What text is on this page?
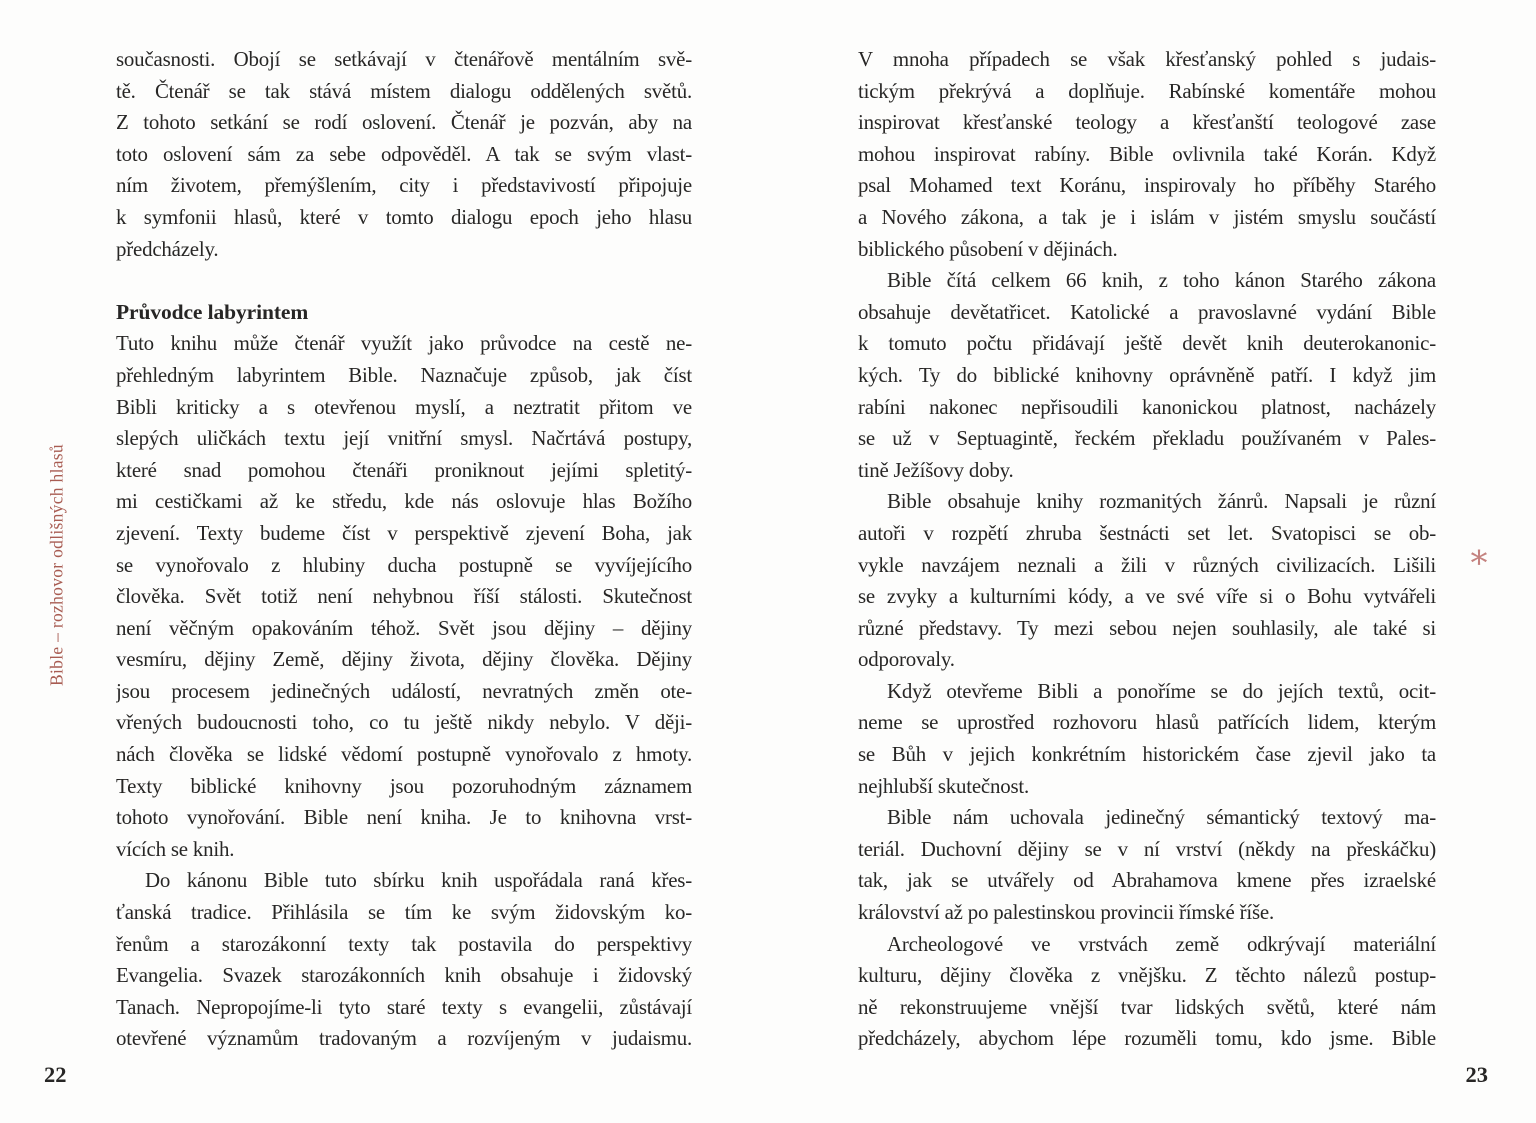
Bible – rozhovor odlišných hlasů
současnosti. Obojí se setkávají v čtenářově mentálním svě-
tě. Čtenář se tak stává místem dialogu oddělených světů.
Z tohoto setkání se rodí oslovení. Čtenář je pozván, aby na
toto oslovení sám za sebe odpověděl. A tak se svým vlast-
ním životem, přemýšlením, city i představivostí připojuje
k symfonii hlasů, které v tomto dialogu epoch jeho hlasu
předcházely.
Průvodce labyrintem
Tuto knihu může čtenář využít jako průvodce na cestě ne-
přehledným labyrintem Bible. Naznačuje způsob, jak číst
Bibli kriticky a s otevřenou myslí, a neztratit přitom ve
slepých uličkách textu její vnitřní smysl. Načrtává postupy,
které snad pomohou čtenáři proniknout jejími spletitý-
mi cestičkami až ke středu, kde nás oslovuje hlas Božího
zjevení. Texty budeme číst v perspektivě zjevení Boha, jak
se vynořovalo z hlubiny ducha postupně se vyvíjejícího
člověka. Svět totiž není nehybnou říší stálosti. Skutečnost
není věčným opakováním téhož. Svět jsou dějiny – dějiny
vesmíru, dějiny Země, dějiny života, dějiny člověka. Dějiny
jsou procesem jedinečných událostí, nevratných změn ote-
vřených budoucnosti toho, co tu ještě nikdy nebylo. V ději-
nách člověka se lidské vědomí postupně vynořovalo z hmoty.
Texty biblické knihovny jsou pozoruhodným záznamem
tohoto vynořování. Bible není kniha. Je to knihovna vrst-
vících se knih.
Do kánonu Bible tuto sbírku knih uspořádala raná křes-
ťanská tradice. Přihlásila se tím ke svým židovským ko-
řenům a starozákonní texty tak postavila do perspektivy
Evangelia. Svazek starozákonních knih obsahuje i židovský
Tanach. Nepropojíme-li tyto staré texty s evangelii, zůstávají
otevřené významům tradovaným a rozvíjeným v judaismu.
V mnoha případech se však křesťanský pohled s judais-
tickým překrývá a doplňuje. Rabínské komentáře mohou
inspirovat křesťanské teology a křesťanští teologové zase
mohou inspirovat rabíny. Bible ovlivnila také Korán. Když
psal Mohamed text Koránu, inspirovaly ho příběhy Starého
a Nového zákona, a tak je i islám v jistém smyslu součástí
biblického působení v dějinách.
Bible čítá celkem 66 knih, z toho kánon Starého zákona
obsahuje devětatřicet. Katolické a pravoslavné vydání Bible
k tomuto počtu přidávají ještě devět knih deuterokanonic-
kých. Ty do biblické knihovny oprávněně patří. I když jim
rabíni nakonec nepřisoudili kanonickou platnost, nacházely
se už v Septuagintě, řeckém překladu používaném v Pales-
tině Ježíšovy doby.
Bible obsahuje knihy rozmanitých žánrů. Napsali je různí
autoři v rozpětí zhruba šestnácti set let. Svatopisci se ob-
vykle navzájem neznali a žili v různých civilizacích. Lišili
se zvyky a kulturními kódy, a ve své víře si o Bohu vytvářeli
různé představy. Ty mezi sebou nejen souhlasily, ale také si
odporovaly.
Když otevřeme Bibli a ponoříme se do jejích textů, ocit-
neme se uprostřed rozhovoru hlasů patřících lidem, kterým
se Bůh v jejich konkrétním historickém čase zjevil jako ta
nejhlubší skutečnost.
Bible nám uchovala jedinečný sémantický textový ma-
teriál. Duchovní dějiny se v ní vrství (někdy na přeskáčku)
tak, jak se utvářely od Abrahamova kmene přes izraelské
království až po palestinskou provincii římské říše.
Archeologové ve vrstvách země odkrývají materiální
kulturu, dějiny člověka z vnějšku. Z těchto nálezů postup-
ně rekonstruujeme vnější tvar lidských světů, které nám
předcházely, abychom lépe rozuměli tomu, kdo jsme. Bible
*
22	23
